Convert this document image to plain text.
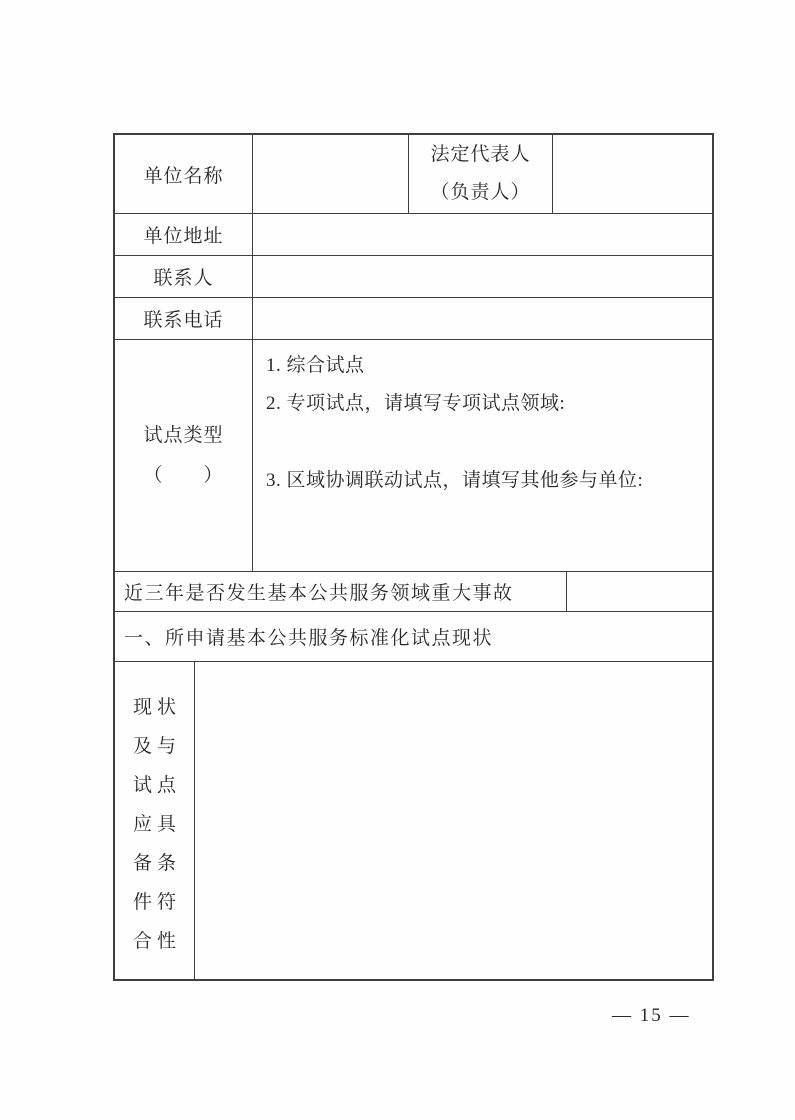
单位名称
法定代表人
（负责人）
单位地址
联系人
联系电话
试点类型
（　　）

1. 综合试点

2. 专项试点，请填写专项试点领域:

3. 区域协调联动试点，请填写其他参与单位:

近三年是否发生基本公共服务领域重大事故
一、所申请基本公共服务标准化试点现状
现状
及与
试点
应具
备条
件符
合性
— 15 —
